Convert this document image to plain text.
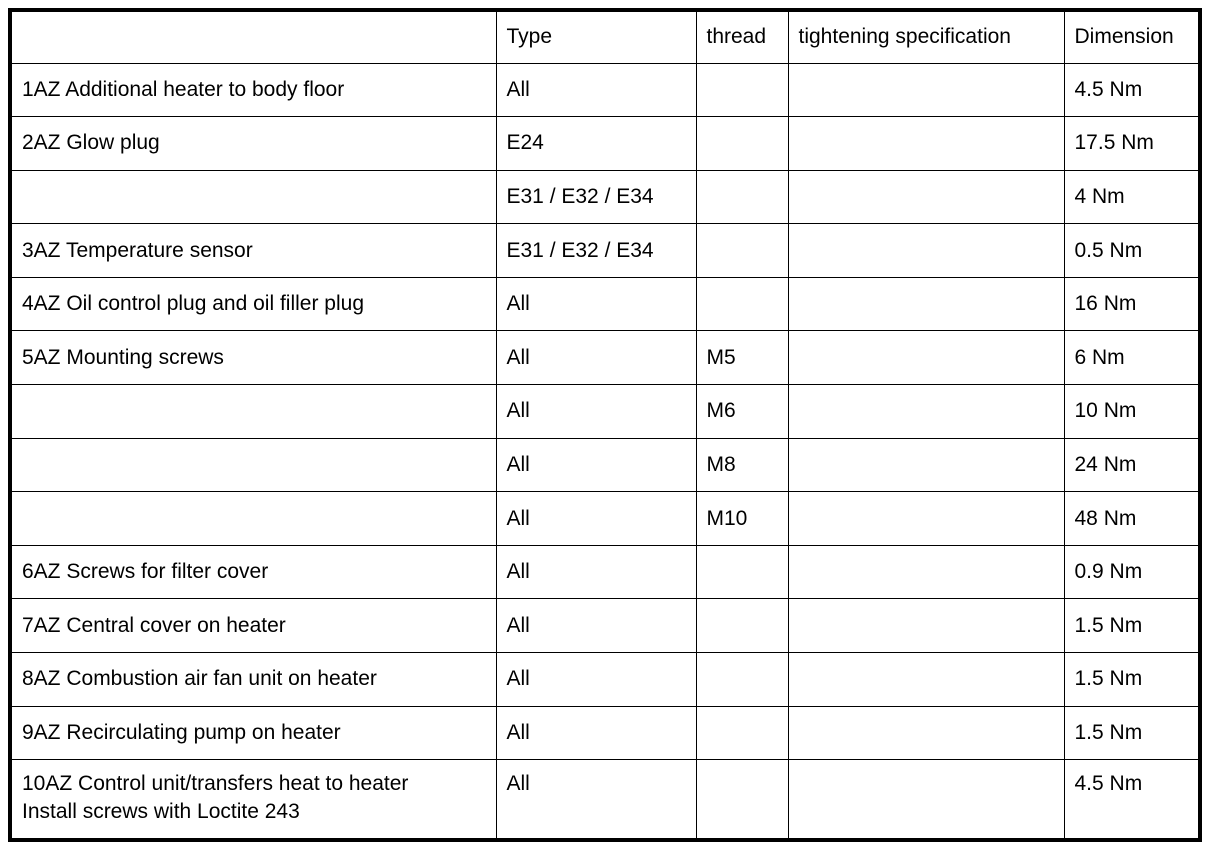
	Type	thread	tightening specification	Dimension
1AZ Additional heater to body floor	All			4.5 Nm
2AZ Glow plug	E24			17.5 Nm
	E31 / E32 / E34			4 Nm
3AZ Temperature sensor	E31 / E32 / E34			0.5 Nm
4AZ Oil control plug and oil filler plug	All			16 Nm
5AZ Mounting screws	All	M5		6 Nm
	All	M6		10 Nm
	All	M8		24 Nm
	All	M10		48 Nm
6AZ Screws for filter cover	All			0.9 Nm
7AZ Central cover on heater	All			1.5 Nm
8AZ Combustion air fan unit on heater	All			1.5 Nm
9AZ Recirculating pump on heater	All			1.5 Nm

10AZ Control unit/transfers heat to heater
Install screws with Loctite 243	All			4.5 Nm
